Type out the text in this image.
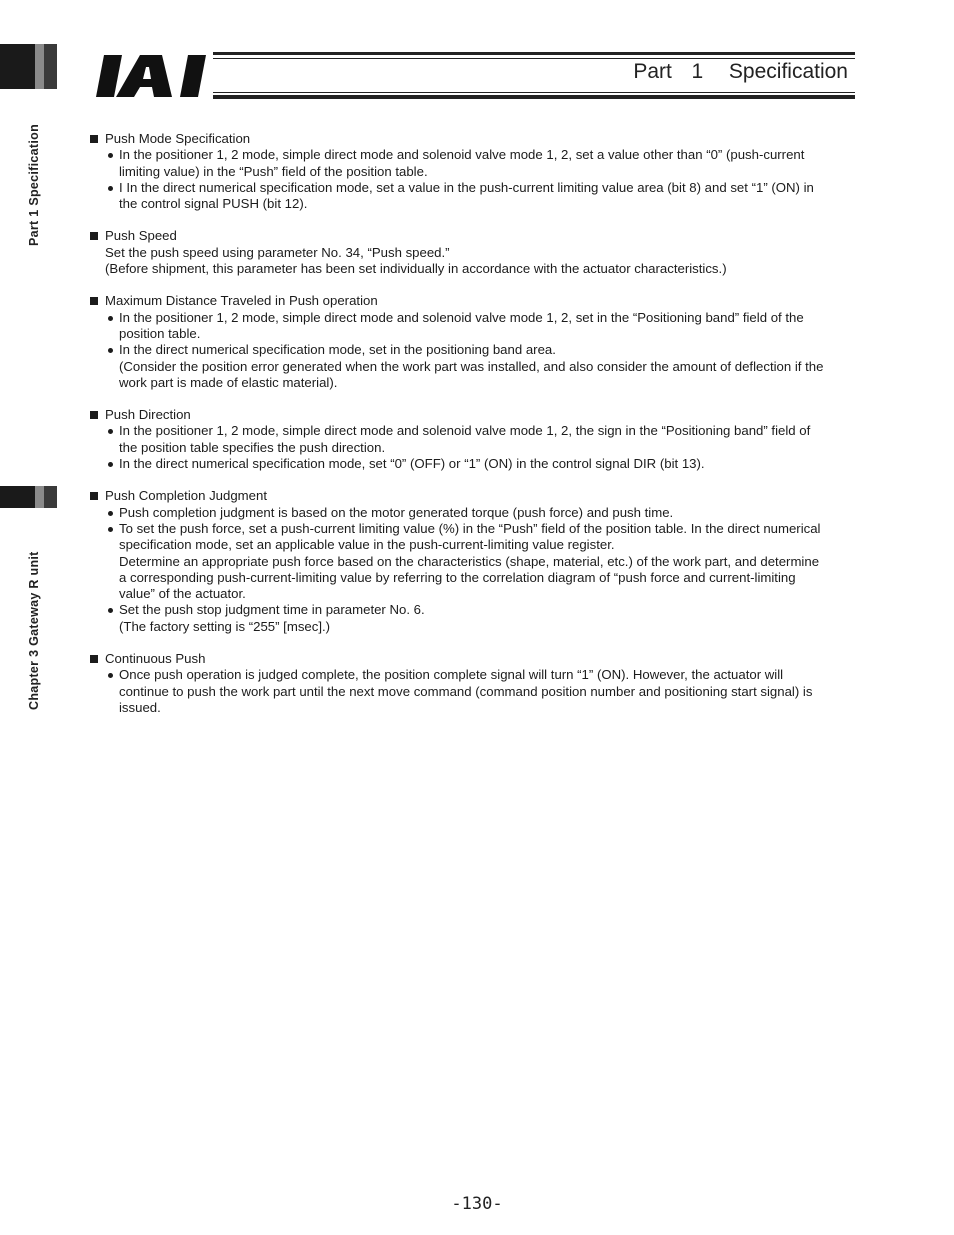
Part 1 Specification
Chapter 3 Gateway R unit
Part 1 Specification
Push Mode Specification
In the positioner 1, 2 mode, simple direct mode and solenoid valve mode 1, 2, set a value other than “0” (push-current
limiting value) in the “Push” field of the position table.
I In the direct numerical specification mode, set a value in the push-current limiting value area (bit 8) and set “1” (ON) in
the control signal PUSH (bit 12).
Push Speed
Set the push speed using parameter No. 34, “Push speed.”
(Before shipment, this parameter has been set individually in accordance with the actuator characteristics.)
Maximum Distance Traveled in Push operation
In the positioner 1, 2 mode, simple direct mode and solenoid valve mode 1, 2, set in the “Positioning band” field of the
position table.
In the direct numerical specification mode, set in the positioning band area.
(Consider the position error generated when the work part was installed, and also consider the amount of deflection if the
work part is made of elastic material).
Push Direction
In the positioner 1, 2 mode, simple direct mode and solenoid valve mode 1, 2, the sign in the “Positioning band” field of
the position table specifies the push direction.
In the direct numerical specification mode, set “0” (OFF) or “1” (ON) in the control signal DIR (bit 13).
Push Completion Judgment
Push completion judgment is based on the motor generated torque (push force) and push time.
To set the push force, set a push-current limiting value (%) in the “Push” field of the position table. In the direct numerical
specification mode, set an applicable value in the push-current-limiting value register.
Determine an appropriate push force based on the characteristics (shape, material, etc.) of the work part, and determine
a corresponding push-current-limiting value by referring to the correlation diagram of “push force and current-limiting
value” of the actuator.
Set the push stop judgment time in parameter No. 6.
(The factory setting is “255” [msec].)
Continuous Push
Once push operation is judged complete, the position complete signal will turn “1” (ON). However, the actuator will
continue to push the work part until the next move command (command position number and positioning start signal) is
issued.
-130-
